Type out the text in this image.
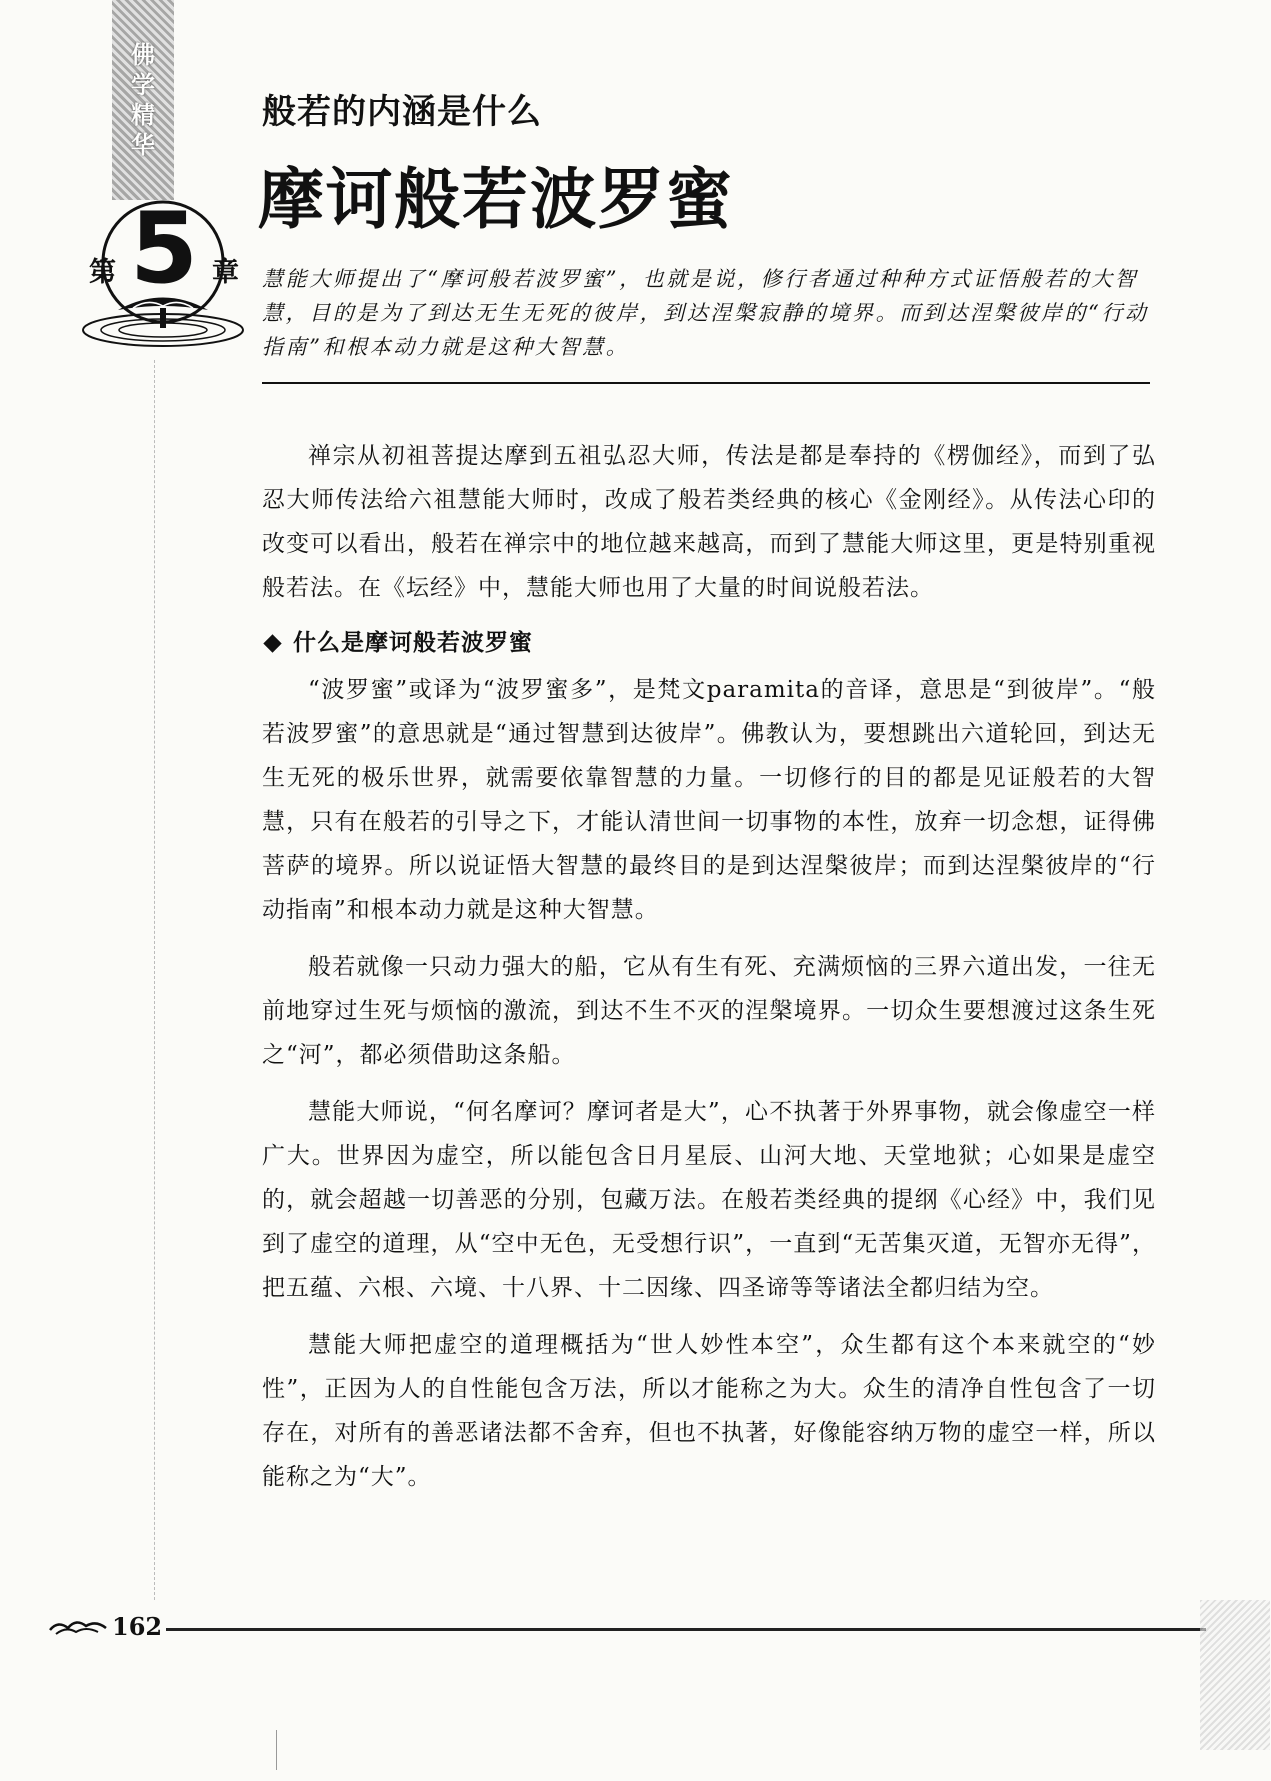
佛学精华
第 5 章
般若的内涵是什么
摩诃般若波罗蜜

慧能大师提出了“摩诃般若波罗蜜”，也就是说，修行者通过种种方式证悟般若的大智慧，目的是为了到达无生无死的彼岸，到达涅槃寂静的境界。而到达涅槃彼岸的“行动指南”和根本动力就是这种大智慧。

禅宗从初祖菩提达摩到五祖弘忍大师，传法是都是奉持的《楞伽经》，而到了弘忍大师传法给六祖慧能大师时，改成了般若类经典的核心《金刚经》。从传法心印的改变可以看出，般若在禅宗中的地位越来越高，而到了慧能大师这里，更是特别重视般若法。在《坛经》中，慧能大师也用了大量的时间说般若法。

什么是摩诃般若波罗蜜

“波罗蜜”或译为“波罗蜜多”，是梵文paramita的音译，意思是“到彼岸”。“般若波罗蜜”的意思就是“通过智慧到达彼岸”。佛教认为，要想跳出六道轮回，到达无生无死的极乐世界，就需要依靠智慧的力量。一切修行的目的都是见证般若的大智慧，只有在般若的引导之下，才能认清世间一切事物的本性，放弃一切念想，证得佛菩萨的境界。所以说证悟大智慧的最终目的是到达涅槃彼岸；而到达涅槃彼岸的“行动指南”和根本动力就是这种大智慧。

般若就像一只动力强大的船，它从有生有死、充满烦恼的三界六道出发，一往无前地穿过生死与烦恼的激流，到达不生不灭的涅槃境界。一切众生要想渡过这条生死之“河”，都必须借助这条船。

慧能大师说，“何名摩诃？摩诃者是大”，心不执著于外界事物，就会像虚空一样广大。世界因为虚空，所以能包含日月星辰、山河大地、天堂地狱；心如果是虚空的，就会超越一切善恶的分别，包藏万法。在般若类经典的提纲《心经》中，我们见到了虚空的道理，从“空中无色，无受想行识”，一直到“无苦集灭道，无智亦无得”，把五蕴、六根、六境、十八界、十二因缘、四圣谛等等诸法全都归结为空。

慧能大师把虚空的道理概括为“世人妙性本空”，众生都有这个本来就空的“妙性”，正因为人的自性能包含万法，所以才能称之为大。众生的清净自性包含了一切存在，对所有的善恶诸法都不舍弃，但也不执著，好像能容纳万物的虚空一样，所以能称之为“大”。

162
